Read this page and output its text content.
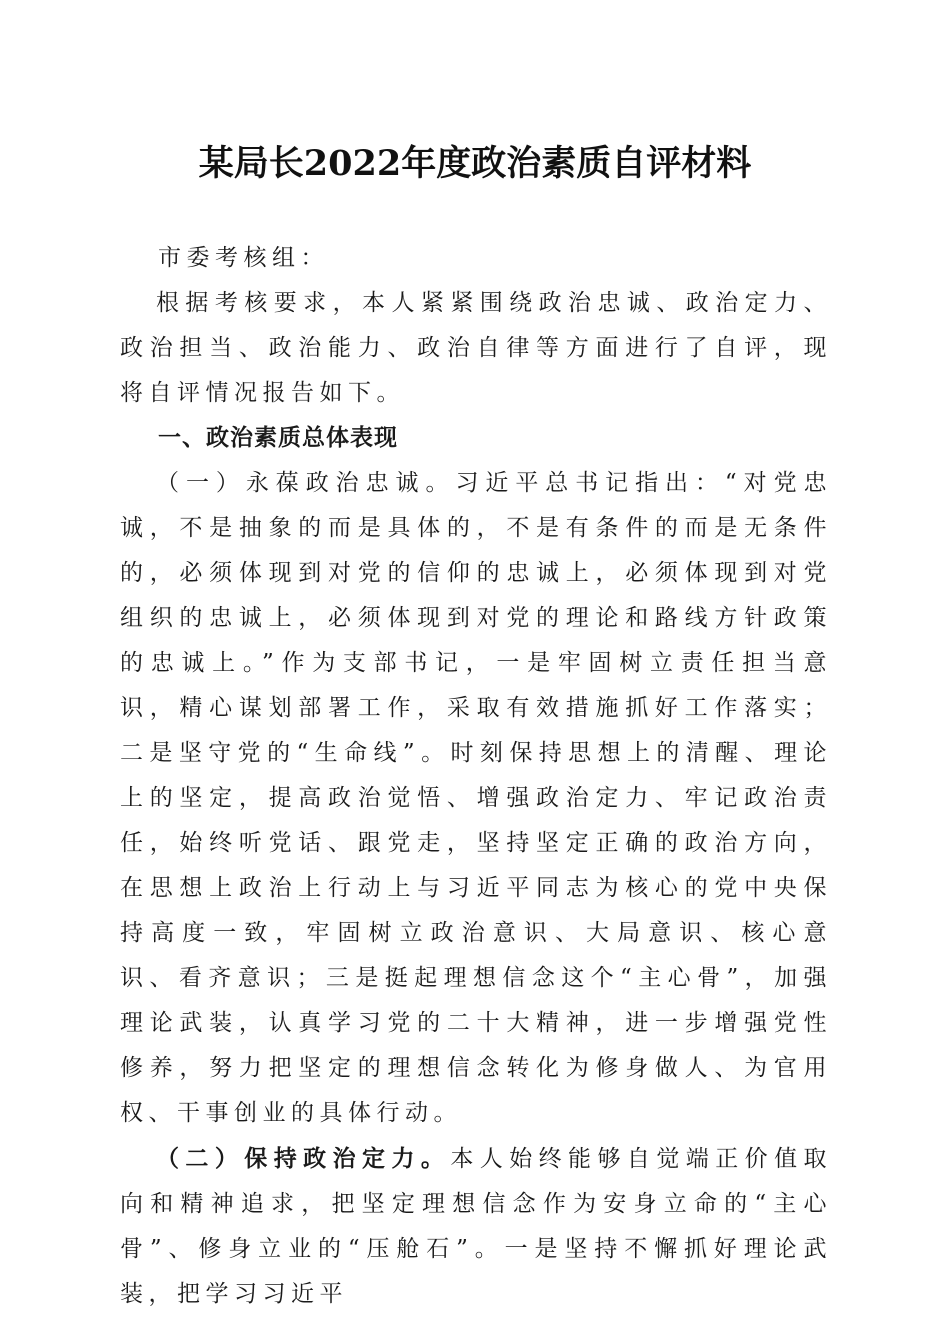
某局长2022年度政治素质自评材料

市委考核组：

根据考核要求，本人紧紧围绕政治忠诚、政治定力、政治担当、政治能力、政治自律等方面进行了自评，现将自评情况报告如下。

一、政治素质总体表现

（一）永葆政治忠诚。习近平总书记指出：“对党忠诚，不是抽象的而是具体的，不是有条件的而是无条件的，必须体现到对党的信仰的忠诚上，必须体现到对党组织的忠诚上，必须体现到对党的理论和路线方针政策的忠诚上。”作为支部书记，一是牢固树立责任担当意识，精心谋划部署工作，采取有效措施抓好工作落实；二是坚守党的“生命线”。时刻保持思想上的清醒、理论上的坚定，提高政治觉悟、增强政治定力、牢记政治责任，始终听党话、跟党走，坚持坚定正确的政治方向，在思想上政治上行动上与习近平同志为核心的党中央保持高度一致，牢固树立政治意识、大局意识、核心意识、看齐意识；三是挺起理想信念这个“主心骨”，加强理论武装，认真学习党的二十大精神，进一步增强党性修养，努力把坚定的理想信念转化为修身做人、为官用权、干事创业的具体行动。

（二）保持政治定力。本人始终能够自觉端正价值取向和精神追求，把坚定理想信念作为安身立命的“主心骨”、修身立业的“压舱石”。一是坚持不懈抓好理论武装，把学习习近平
